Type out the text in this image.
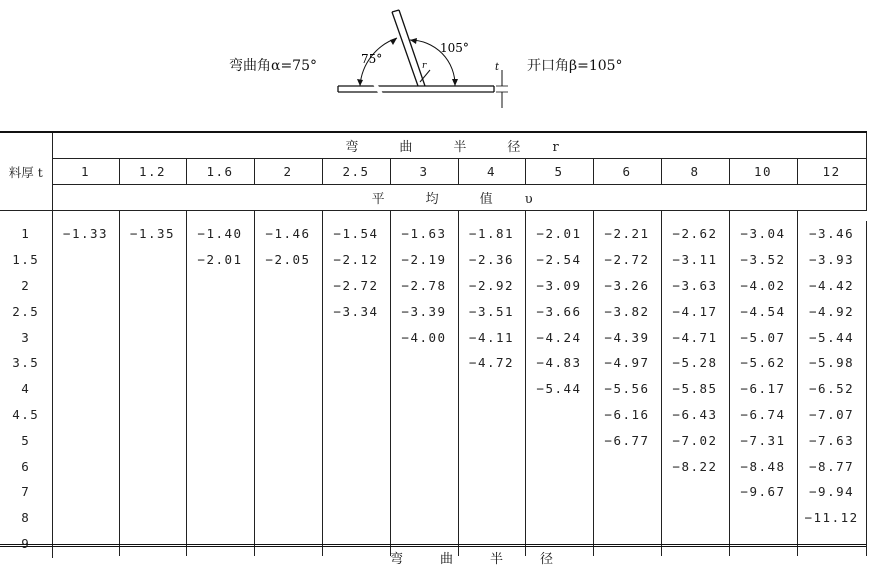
弯曲角α=75°	开口角β=105°
75°
105°
r	t
料厚 t	弯　曲　半　径 r											
	1	1.2	1.6	2	2.5	3	4	5	6	8	10	12
	平　均　值 υ											

1	−1.33	−1.35	−1.40	−1.46	−1.54	−1.63	−1.81	−2.01	−2.21	−2.62	−3.04	−3.46
1.5			−2.01	−2.05	−2.12	−2.19	−2.36	−2.54	−2.72	−3.11	−3.52	−3.93
2					−2.72	−2.78	−2.92	−3.09	−3.26	−3.63	−4.02	−4.42
2.5					−3.34	−3.39	−3.51	−3.66	−3.82	−4.17	−4.54	−4.92
3						−4.00	−4.11	−4.24	−4.39	−4.71	−5.07	−5.44
3.5							−4.72	−4.83	−4.97	−5.28	−5.62	−5.98
4								−5.44	−5.56	−5.85	−6.17	−6.52
4.5									−6.16	−6.43	−6.74	−7.07
5									−6.77	−7.02	−7.31	−7.63
6										−8.22	−8.48	−8.77
7											−9.67	−9.94
8												−11.12
9												
弯　曲　半　径
